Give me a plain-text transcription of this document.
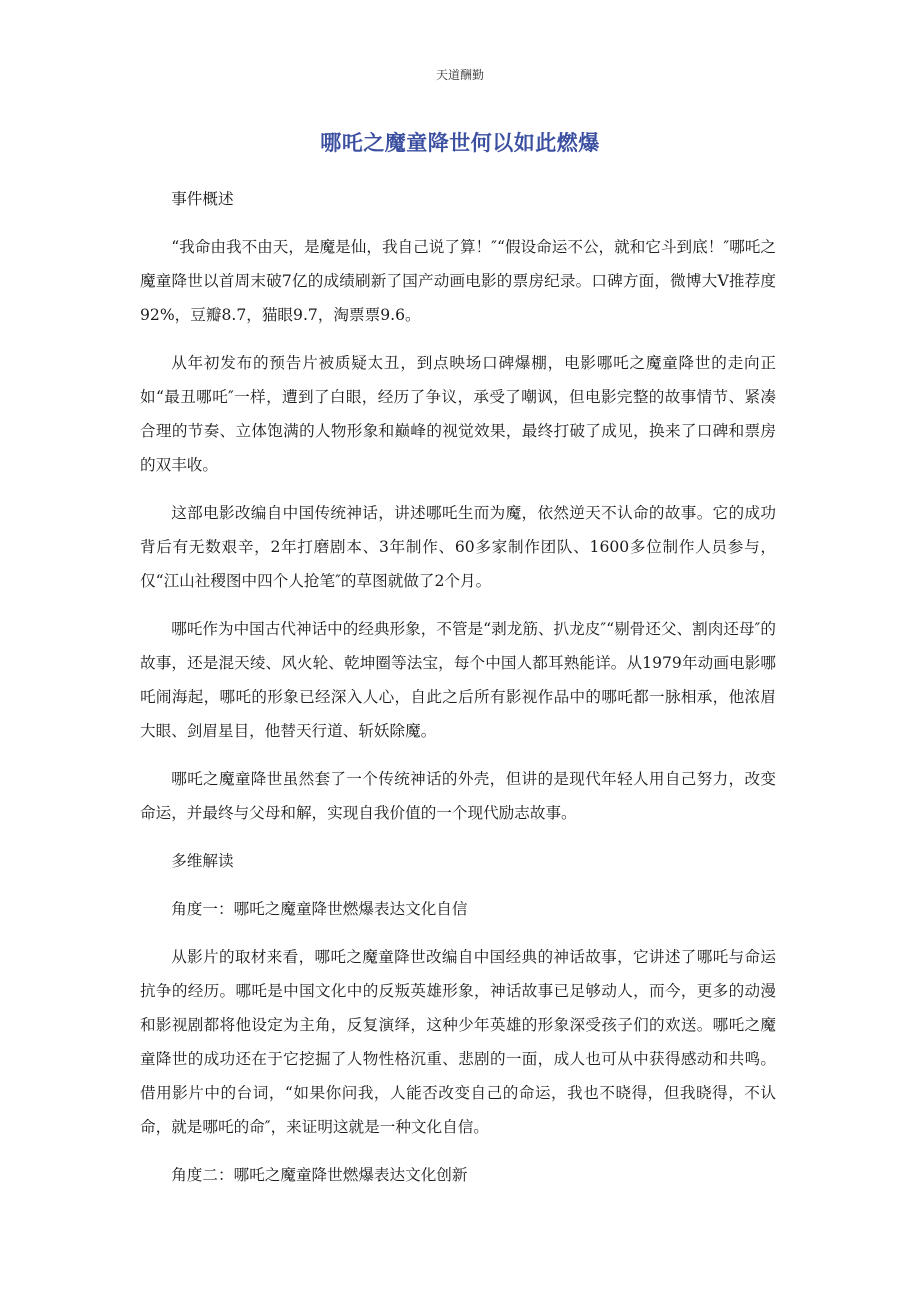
天道酬勤
哪吒之魔童降世何以如此燃爆

事件概述

“我命由我不由天，是魔是仙，我自己说了算！″“假设命运不公，就和它斗到底！″哪吒之魔童降世以首周末破7亿的成绩刷新了国产动画电影的票房纪录。口碑方面，微博大V推荐度92%，豆瓣8.7，猫眼9.7，淘票票9.6。

从年初发布的预告片被质疑太丑，到点映场口碑爆棚，电影哪吒之魔童降世的走向正如“最丑哪吒″一样，遭到了白眼，经历了争议，承受了嘲讽，但电影完整的故事情节、紧凑合理的节奏、立体饱满的人物形象和巅峰的视觉效果，最终打破了成见，换来了口碑和票房的双丰收。

这部电影改编自中国传统神话，讲述哪吒生而为魔，依然逆天不认命的故事。它的成功背后有无数艰辛，2年打磨剧本、3年制作、60多家制作团队、1600多位制作人员参与，仅“江山社稷图中四个人抢笔″的草图就做了2个月。

哪吒作为中国古代神话中的经典形象，不管是“剥龙筋、扒龙皮″“剔骨还父、割肉还母″的故事，还是混天绫、风火轮、乾坤圈等法宝，每个中国人都耳熟能详。从1979年动画电影哪吒闹海起，哪吒的形象已经深入人心，自此之后所有影视作品中的哪吒都一脉相承，他浓眉大眼、剑眉星目，他替天行道、斩妖除魔。

哪吒之魔童降世虽然套了一个传统神话的外壳，但讲的是现代年轻人用自己努力，改变命运，并最终与父母和解，实现自我价值的一个现代励志故事。

多维解读

角度一：哪吒之魔童降世燃爆表达文化自信

从影片的取材来看，哪吒之魔童降世改编自中国经典的神话故事，它讲述了哪吒与命运抗争的经历。哪吒是中国文化中的反叛英雄形象，神话故事已足够动人，而今，更多的动漫和影视剧都将他设定为主角，反复演绎，这种少年英雄的形象深受孩子们的欢送。哪吒之魔童降世的成功还在于它挖掘了人物性格沉重、悲剧的一面，成人也可从中获得感动和共鸣。借用影片中的台词，“如果你问我，人能否改变自己的命运，我也不晓得，但我晓得，不认命，就是哪吒的命″，来证明这就是一种文化自信。

角度二：哪吒之魔童降世燃爆表达文化创新
